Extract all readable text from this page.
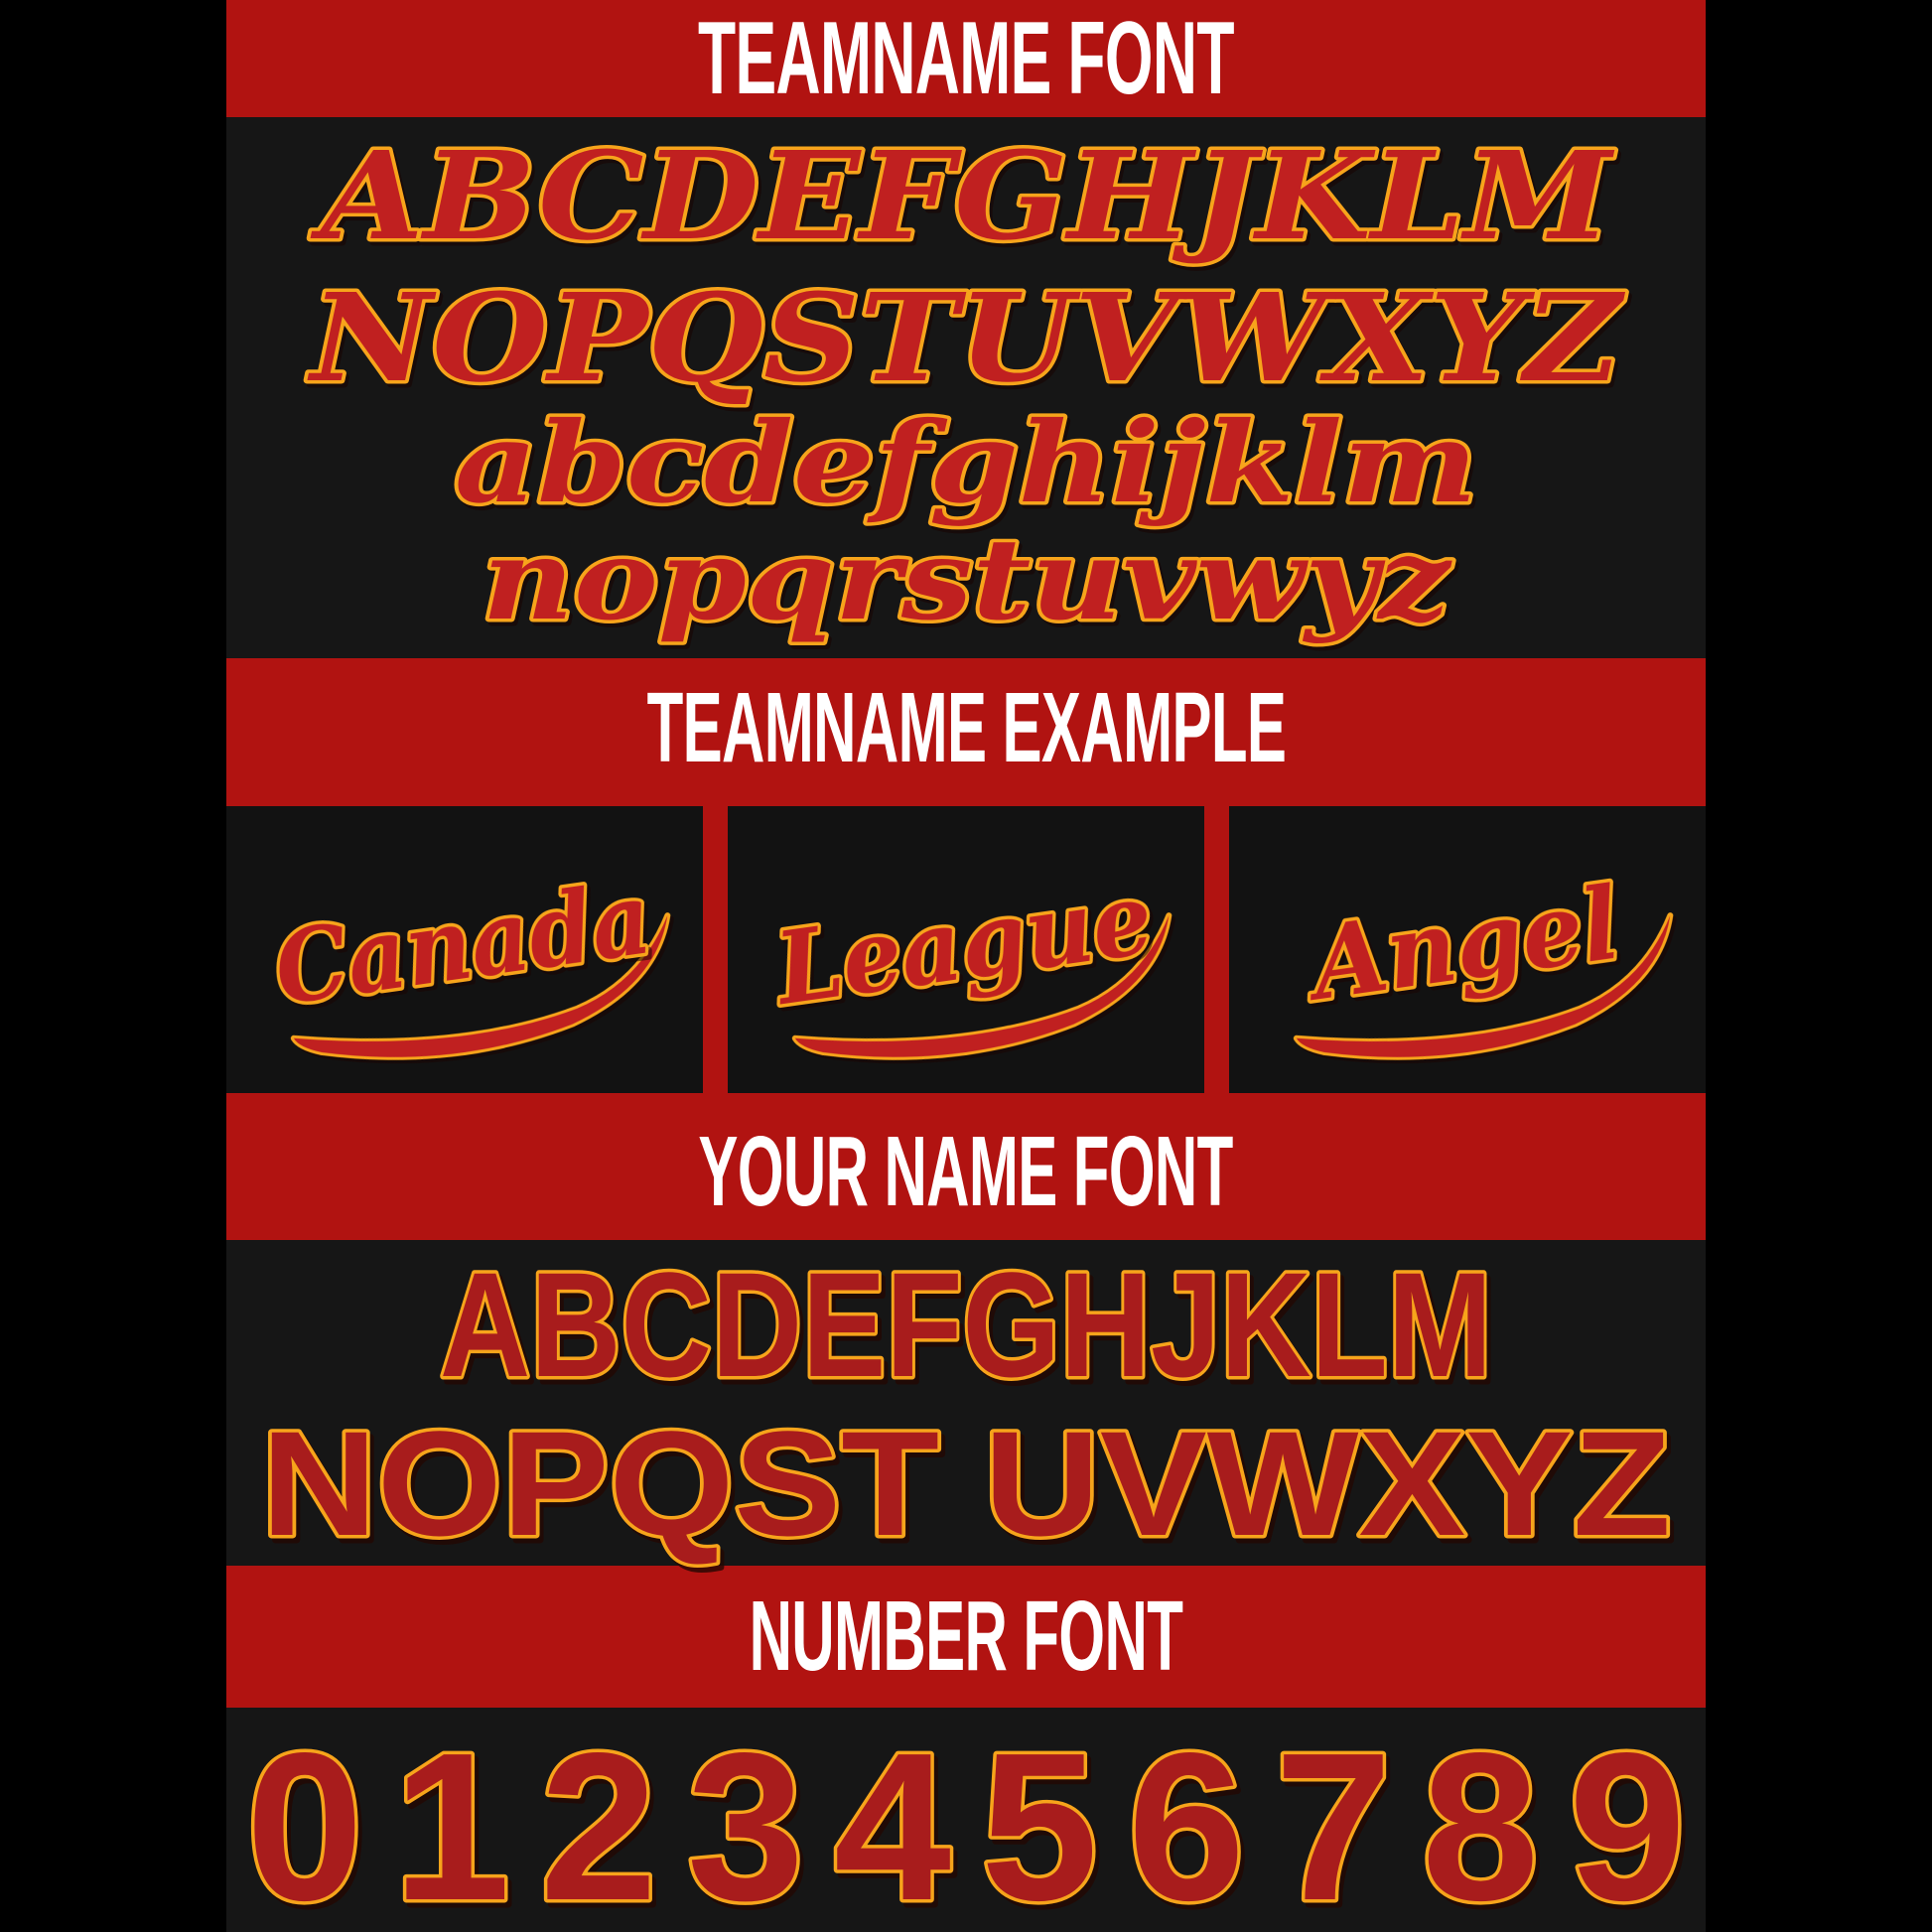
TEAMNAME FONT
ABCDEFGHJKLM
NOPQSTUVWXYZ
abcdefghijklm
nopqrstuvwyz
TEAMNAME EXAMPLE
Canada League Angel
YOUR NAME FONT
ABCDEFGHJKLM
NOPQST UVWXYZ
NUMBER FONT
0123456789
